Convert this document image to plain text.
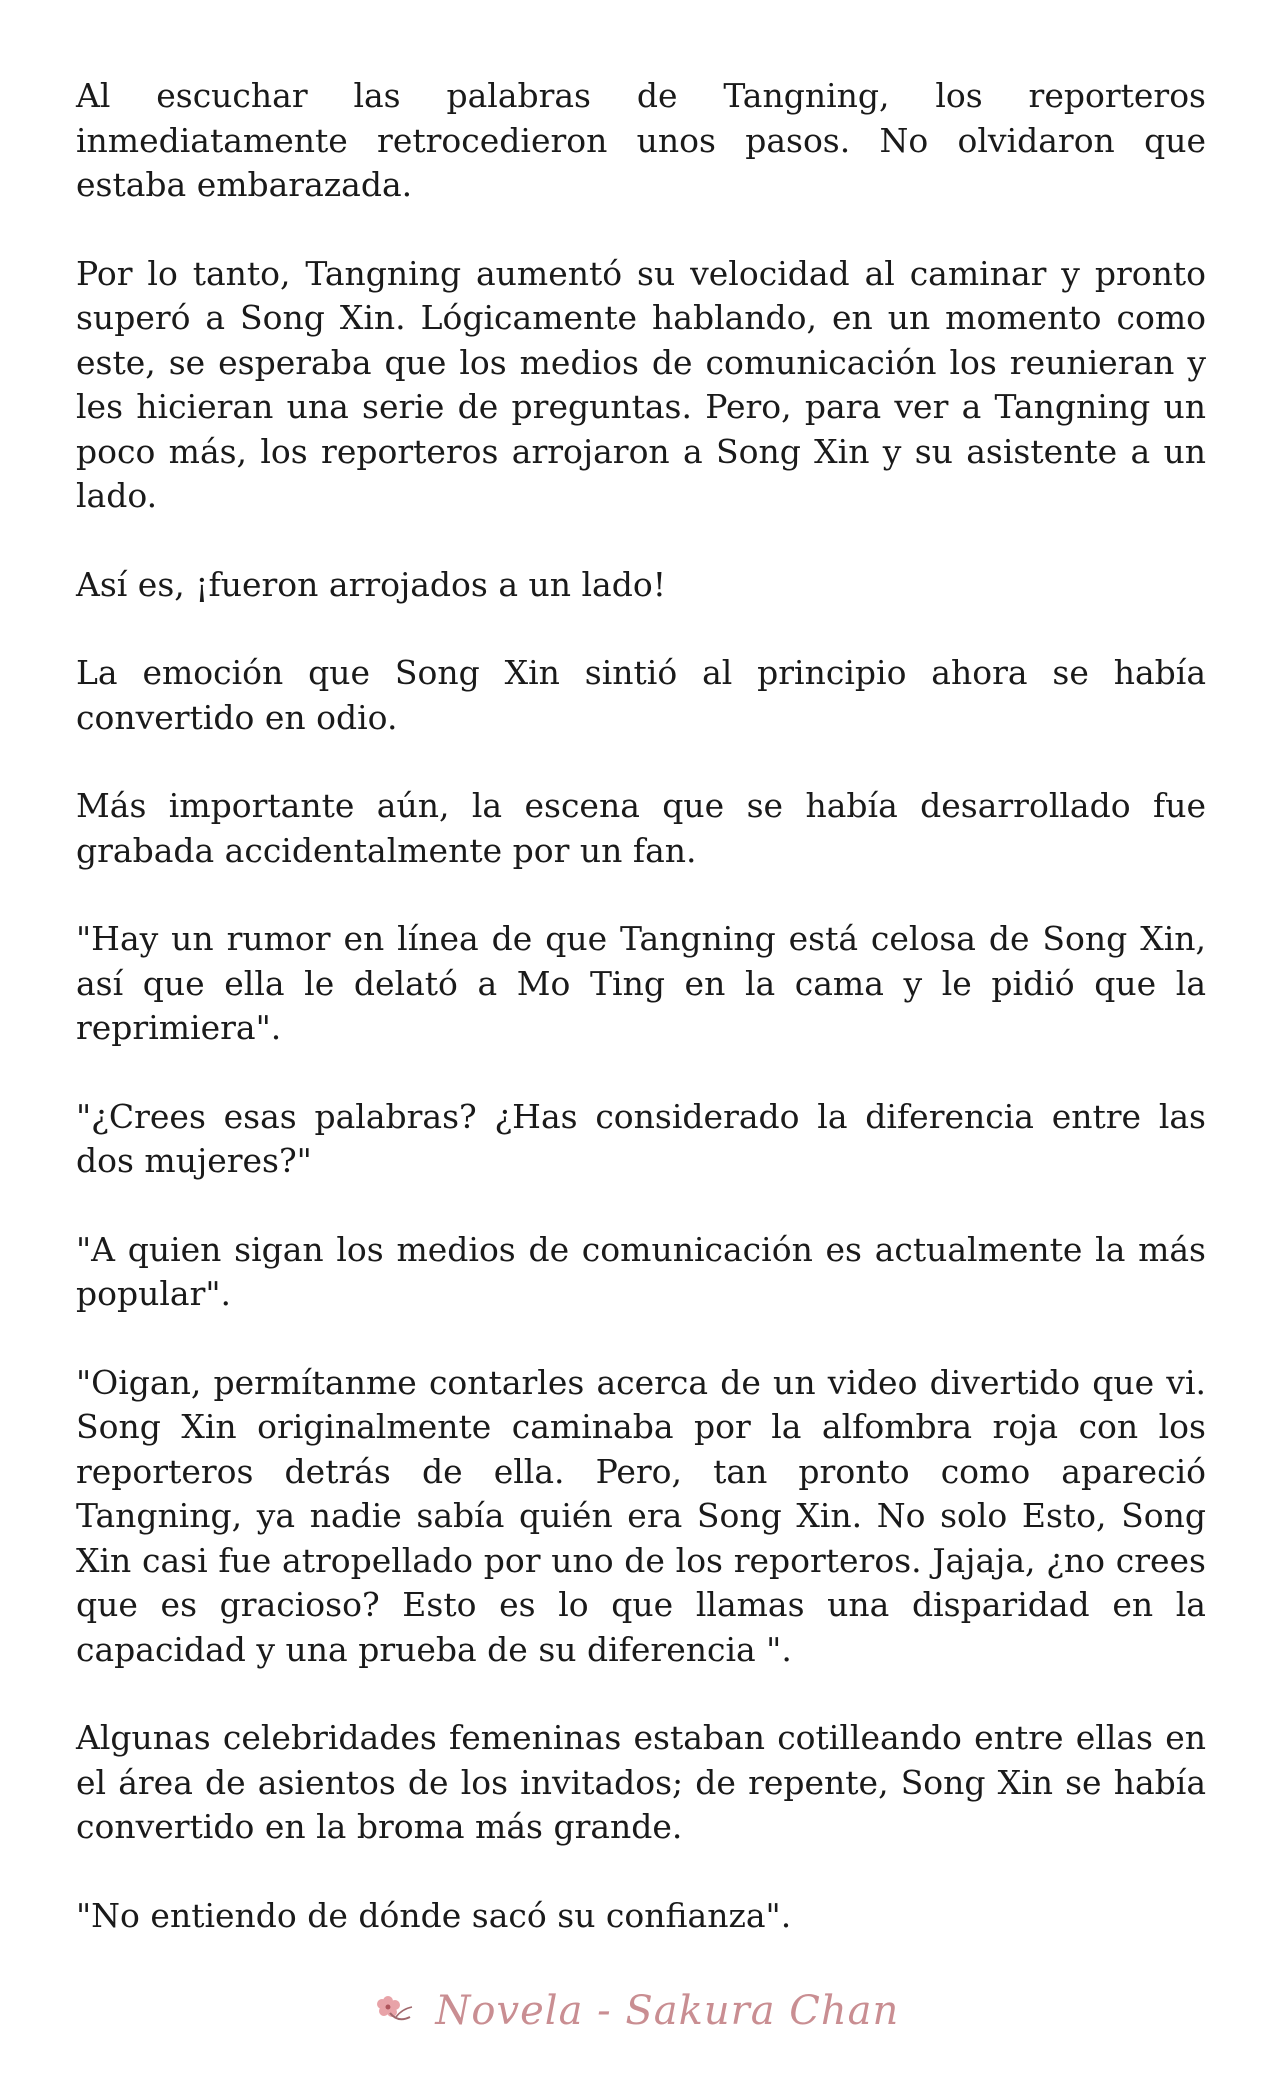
Al escuchar las palabras de Tangning, los reporteros inmediatamente retrocedieron unos pasos. No olvidaron que estaba embarazada.

Por lo tanto, Tangning aumentó su velocidad al caminar y pronto superó a Song Xin. Lógicamente hablando, en un momento como este, se esperaba que los medios de comunicación los reunieran y les hicieran una serie de preguntas. Pero, para ver a Tangning un poco más, los reporteros arrojaron a Song Xin y su asistente a un lado.

Así es, ¡fueron arrojados a un lado!

La emoción que Song Xin sintió al principio ahora se había convertido en odio.

Más importante aún, la escena que se había desarrollado fue grabada accidentalmente por un fan.

"Hay un rumor en línea de que Tangning está celosa de Song Xin, así que ella le delató a Mo Ting en la cama y le pidió que la reprimiera".

"¿Crees esas palabras? ¿Has considerado la diferencia entre las dos mujeres?"

"A quien sigan los medios de comunicación es actualmente la más popular".

"Oigan, permítanme contarles acerca de un video divertido que vi. Song Xin originalmente caminaba por la alfombra roja con los reporteros detrás de ella. Pero, tan pronto como apareció Tangning, ya nadie sabía quién era Song Xin. No solo Esto, Song Xin casi fue atropellado por uno de los reporteros. Jajaja, ¿no crees que es gracioso? Esto es lo que llamas una disparidad en la capacidad y una prueba de su diferencia ".

Algunas celebridades femeninas estaban cotilleando entre ellas en el área de asientos de los invitados; de repente, Song Xin se había convertido en la broma más grande.

"No entiendo de dónde sacó su confianza".

Novela - Sakura Chan
